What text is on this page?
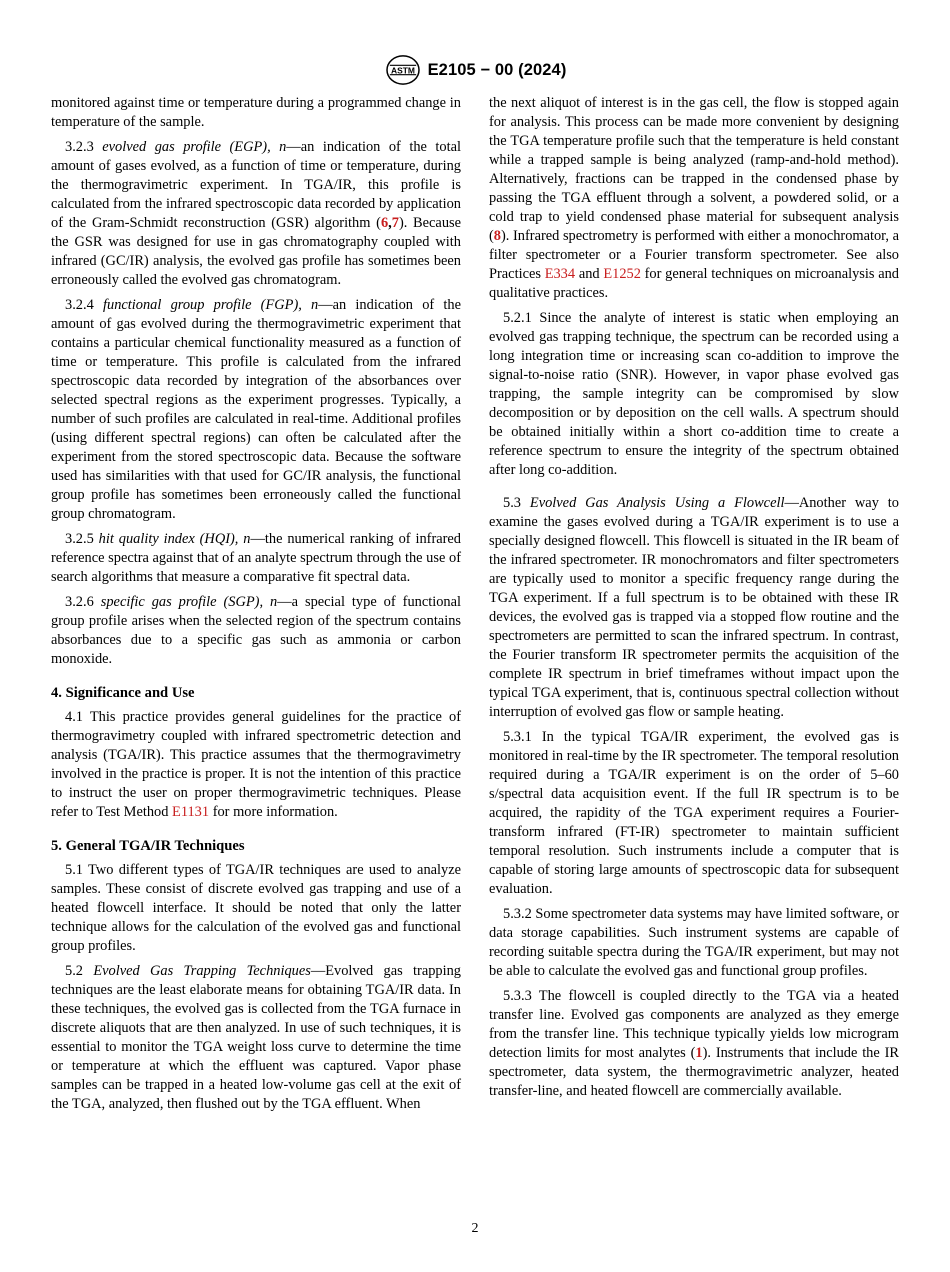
ASTM E2105 − 00 (2024)

monitored against time or temperature during a programmed change in temperature of the sample.

3.2.3 evolved gas profile (EGP), n—an indication of the total amount of gases evolved, as a function of time or temperature, during the thermogravimetric experiment. In TGA/IR, this profile is calculated from the infrared spectroscopic data recorded by application of the Gram-Schmidt reconstruction (GSR) algorithm (6,7). Because the GSR was designed for use in gas chromatography coupled with infrared (GC/IR) analysis, the evolved gas profile has sometimes been erroneously called the evolved gas chromatogram.

3.2.4 functional group profile (FGP), n—an indication of the amount of gas evolved during the thermogravimetric experiment that contains a particular chemical functionality measured as a function of time or temperature. This profile is calculated from the infrared spectroscopic data recorded by integration of the absorbances over selected spectral regions as the experiment progresses. Typically, a number of such profiles are calculated in real-time. Additional profiles (using different spectral regions) can often be calculated after the experiment from the stored spectroscopic data. Because the software used has similarities with that used for GC/IR analysis, the functional group profile has sometimes been erroneously called the functional group chromatogram.

3.2.5 hit quality index (HQI), n—the numerical ranking of infrared reference spectra against that of an analyte spectrum through the use of search algorithms that measure a comparative fit spectral data.

3.2.6 specific gas profile (SGP), n—a special type of functional group profile arises when the selected region of the spectrum contains absorbances due to a specific gas such as ammonia or carbon monoxide.

4. Significance and Use

4.1 This practice provides general guidelines for the practice of thermogravimetry coupled with infrared spectrometric detection and analysis (TGA/IR). This practice assumes that the thermogravimetry involved in the practice is proper. It is not the intention of this practice to instruct the user on proper thermogravimetric techniques. Please refer to Test Method E1131 for more information.

5. General TGA/IR Techniques

5.1 Two different types of TGA/IR techniques are used to analyze samples. These consist of discrete evolved gas trapping and use of a heated flowcell interface. It should be noted that only the latter technique allows for the calculation of the evolved gas and functional group profiles.

5.2 Evolved Gas Trapping Techniques—Evolved gas trapping techniques are the least elaborate means for obtaining TGA/IR data. In these techniques, the evolved gas is collected from the TGA furnace in discrete aliquots that are then analyzed. In use of such techniques, it is essential to monitor the TGA weight loss curve to determine the time or temperature at which the effluent was captured. Vapor phase samples can be trapped in a heated low-volume gas cell at the exit of the TGA, analyzed, then flushed out by the TGA effluent. When

the next aliquot of interest is in the gas cell, the flow is stopped again for analysis. This process can be made more convenient by designing the TGA temperature profile such that the temperature is held constant while a trapped sample is being analyzed (ramp-and-hold method). Alternatively, fractions can be trapped in the condensed phase by passing the TGA effluent through a solvent, a powdered solid, or a cold trap to yield condensed phase material for subsequent analysis (8). Infrared spectrometry is performed with either a monochromator, a filter spectrometer or a Fourier transform spectrometer. See also Practices E334 and E1252 for general techniques on microanalysis and qualitative practices.

5.2.1 Since the analyte of interest is static when employing an evolved gas trapping technique, the spectrum can be recorded using a long integration time or increasing scan co-addition to improve the signal-to-noise ratio (SNR). However, in vapor phase evolved gas trapping, the sample integrity can be compromised by slow decomposition or by deposition on the cell walls. A spectrum should be obtained initially within a short co-addition time to create a reference spectrum to ensure the integrity of the spectrum obtained after long co-addition.

5.3 Evolved Gas Analysis Using a Flowcell—Another way to examine the gases evolved during a TGA/IR experiment is to use a specially designed flowcell. This flowcell is situated in the IR beam of the infrared spectrometer. IR monochromators and filter spectrometers are typically used to monitor a specific frequency range during the TGA experiment. If a full spectrum is to be obtained with these IR devices, the evolved gas is trapped via a stopped flow routine and the spectrometers are permitted to scan the infrared spectrum. In contrast, the Fourier transform IR spectrometer permits the acquisition of the complete IR spectrum in brief timeframes without impact upon the typical TGA experiment, that is, continuous spectral collection without interruption of evolved gas flow or sample heating.

5.3.1 In the typical TGA/IR experiment, the evolved gas is monitored in real-time by the IR spectrometer. The temporal resolution required during a TGA/IR experiment is on the order of 5–60 s/spectral data acquisition event. If the full IR spectrum is to be acquired, the rapidity of the TGA experiment requires a Fourier-transform infrared (FT-IR) spectrometer to maintain sufficient temporal resolution. Such instruments include a computer that is capable of storing large amounts of spectroscopic data for subsequent evaluation.

5.3.2 Some spectrometer data systems may have limited software, or data storage capabilities. Such instrument systems are capable of recording suitable spectra during the TGA/IR experiment, but may not be able to calculate the evolved gas and functional group profiles.

5.3.3 The flowcell is coupled directly to the TGA via a heated transfer line. Evolved gas components are analyzed as they emerge from the transfer line. This technique typically yields low microgram detection limits for most analytes (1). Instruments that include the IR spectrometer, data system, the thermogravimetric analyzer, heated transfer-line, and heated flowcell are commercially available.

2
